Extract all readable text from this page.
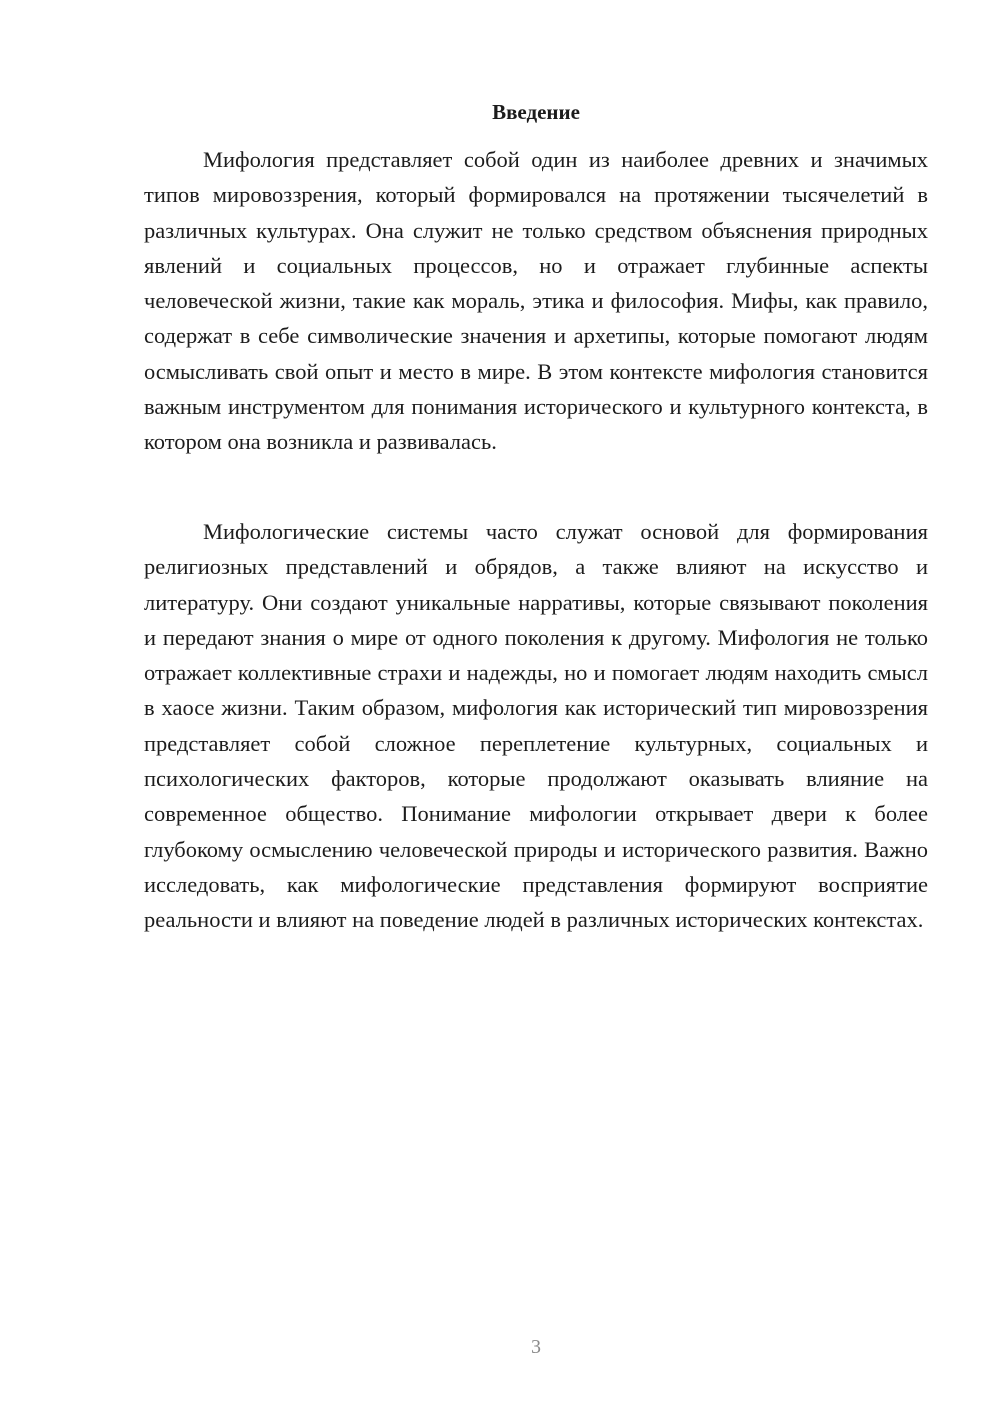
Введение

Мифология представляет собой один из наиболее древних и значимых типов мировоззрения, который формировался на протяжении тысячелетий в различных культурах. Она служит не только средством объяснения природных явлений и социальных процессов, но и отражает глубинные аспекты человеческой жизни, такие как мораль, этика и философия. Мифы, как правило, содержат в себе символические значения и архетипы, которые помогают людям осмысливать свой опыт и место в мире. В этом контексте мифология становится важным инструментом для понимания исторического и культурного контекста, в котором она возникла и развивалась.

Мифологические системы часто служат основой для формирования религиозных представлений и обрядов, а также влияют на искусство и литературу. Они создают уникальные нарративы, которые связывают поколения и передают знания о мире от одного поколения к другому. Мифология не только отражает коллективные страхи и надежды, но и помогает людям находить смысл в хаосе жизни. Таким образом, мифология как исторический тип мировоззрения представляет собой сложное переплетение культурных, социальных и психологических факторов, которые продолжают оказывать влияние на современное общество. Понимание мифологии открывает двери к более глубокому осмыслению человеческой природы и исторического развития. Важно исследовать, как мифологические представления формируют восприятие реальности и влияют на поведение людей в различных исторических контекстах.

3
